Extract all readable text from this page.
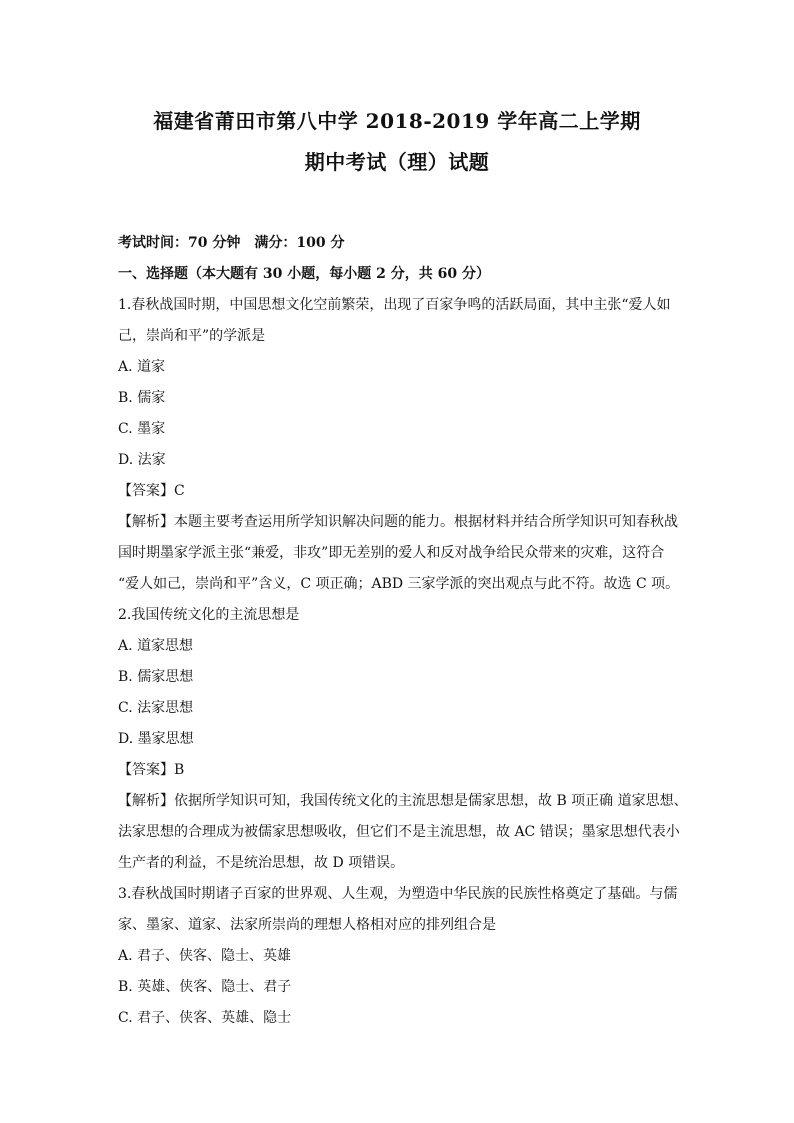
福建省莆田市第八中学 2018-2019 学年高二上学期
期中考试（理）试题
考试时间：70 分钟　满分：100 分
一、选择题（本大题有 30 小题，每小题 2 分，共 60 分）
1.春秋战国时期，中国思想文化空前繁荣，出现了百家争鸣的活跃局面，其中主张“爱人如
己，崇尚和平”的学派是
A. 道家
B. 儒家
C. 墨家
D. 法家
【答案】C
【解析】本题主要考查运用所学知识解决问题的能力。根据材料并结合所学知识可知春秋战
国时期墨家学派主张“兼爱，非攻”即无差别的爱人和反对战争给民众带来的灾难，这符合
“爱人如己，崇尚和平”含义，C 项正确；ABD 三家学派的突出观点与此不符。故选 C 项。
2.我国传统文化的主流思想是
A. 道家思想
B. 儒家思想
C. 法家思想
D. 墨家思想
【答案】B
【解析】依据所学知识可知，我国传统文化的主流思想是儒家思想，故 B 项正确 道家思想、
法家思想的合理成为被儒家思想吸收，但它们不是主流思想，故 AC 错误；墨家思想代表小
生产者的利益，不是统治思想，故 D 项错误。
3.春秋战国时期诸子百家的世界观、人生观，为塑造中华民族的民族性格奠定了基础。与儒
家、墨家、道家、法家所崇尚的理想人格相对应的排列组合是
A. 君子、侠客、隐士、英雄
B. 英雄、侠客、隐士、君子
C. 君子、侠客、英雄、隐士
